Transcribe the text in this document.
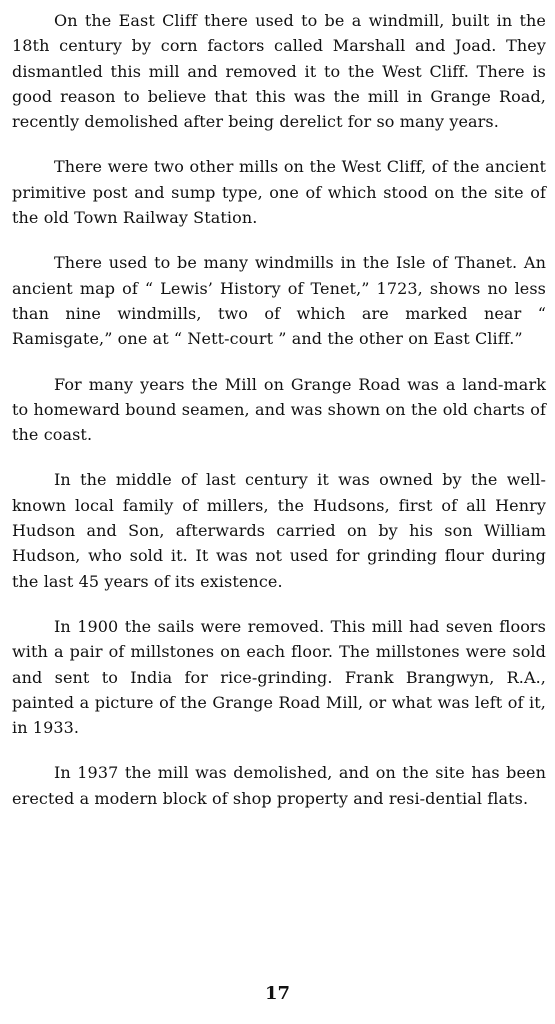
On the East Cliff there used to be a windmill, built in the 18th century by corn factors called Marshall and Joad. They dismantled this mill and removed it to the West Cliff. There is good reason to believe that this was the mill in Grange Road, recently demolished after being derelict for so many years.

There were two other mills on the West Cliff, of the ancient primitive post and sump type, one of which stood on the site of the old Town Railway Station.

There used to be many windmills in the Isle of Thanet. An ancient map of “ Lewis’ History of Tenet,” 1723, shows no less than nine windmills, two of which are marked near “ Ramisgate,” one at “ Nett-court ” and the other on East Cliff.”

For many years the Mill on Grange Road was a land-mark to homeward bound seamen, and was shown on the old charts of the coast.

In the middle of last century it was owned by the well-known local family of millers, the Hudsons, first of all Henry Hudson and Son, afterwards carried on by his son William Hudson, who sold it. It was not used for grinding flour during the last 45 years of its existence.

In 1900 the sails were removed. This mill had seven floors with a pair of millstones on each floor. The millstones were sold and sent to India for rice-grinding. Frank Brangwyn, R.A., painted a picture of the Grange Road Mill, or what was left of it, in 1933.

In 1937 the mill was demolished, and on the site has been erected a modern block of shop property and resi-dential flats.

17
